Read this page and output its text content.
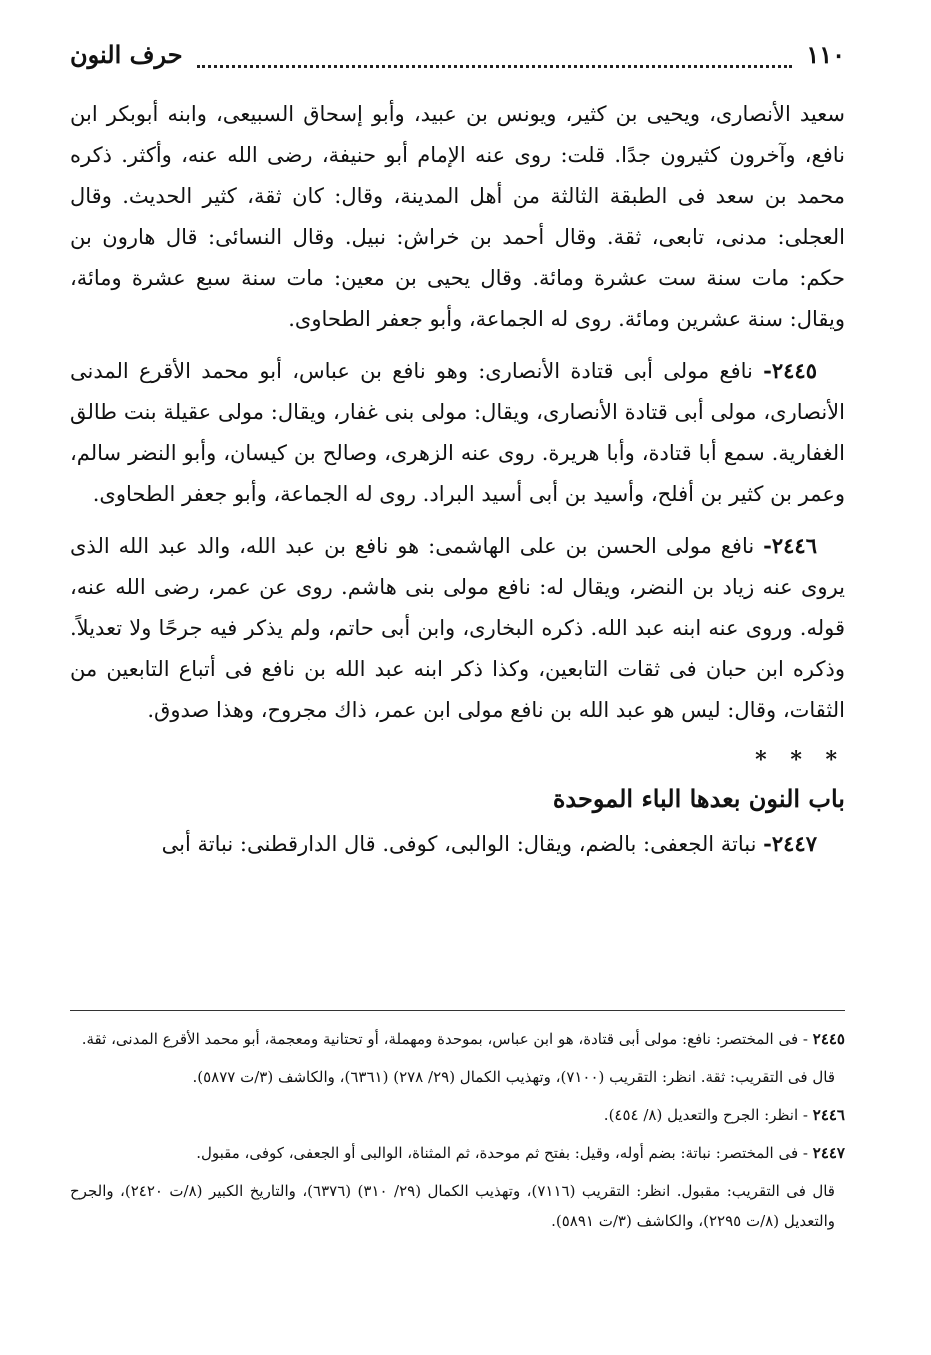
١١٠
حرف النون

سعيد الأنصارى، ويحيى بن كثير، ويونس بن عبيد، وأبو إسحاق السبيعى، وابنه أبوبكر ابن نافع، وآخرون كثيرون جدًا. قلت: روى عنه الإمام أبو حنيفة، رضى الله عنه، وأكثر. ذكره محمد بن سعد فى الطبقة الثالثة من أهل المدينة، وقال: كان ثقة، كثير الحديث. وقال العجلى: مدنى، تابعى، ثقة. وقال أحمد بن خراش: نبيل. وقال النسائى: قال هارون بن حكم: مات سنة ست عشرة ومائة. وقال يحيى بن معين: مات سنة سبع عشرة ومائة، ويقال: سنة عشرين ومائة. روى له الجماعة، وأبو جعفر الطحاوى.

٢٤٤٥- نافع مولى أبى قتادة الأنصارى: وهو نافع بن عباس، أبو محمد الأقرع المدنى الأنصارى، مولى أبى قتادة الأنصارى، ويقال: مولى بنى غفار، ويقال: مولى عقيلة بنت طالق الغفارية. سمع أبا قتادة، وأبا هريرة. روى عنه الزهرى، وصالح بن كيسان، وأبو النضر سالم، وعمر بن كثير بن أفلح، وأسيد بن أبى أسيد البراد. روى له الجماعة، وأبو جعفر الطحاوى.

٢٤٤٦- نافع مولى الحسن بن على الهاشمى: هو نافع بن عبد الله، والد عبد الله الذى يروى عنه زياد بن النضر، ويقال له: نافع مولى بنى هاشم. روى عن عمر، رضى الله عنه، قوله. وروى عنه ابنه عبد الله. ذكره البخارى، وابن أبى حاتم، ولم يذكر فيه جرحًا ولا تعديلاً. وذكره ابن حبان فى ثقات التابعين، وكذا ذكر ابنه عبد الله بن نافع فى أتباع التابعين من الثقات، وقال: ليس هو عبد الله بن نافع مولى ابن عمر، ذاك مجروح، وهذا صدوق.

* * *
باب النون بعدها الباء الموحدة
٢٤٤٧- نباتة الجعفى: بالضم، ويقال: الوالبى، كوفى. قال الدارقطنى: نباتة أبى

٢٤٤٥ - فى المختصر: نافع: مولى أبى قتادة، هو ابن عباس، بموحدة ومهملة، أو تحتانية ومعجمة، أبو محمد الأقرع المدنى، ثقة.

قال فى التقريب: ثقة. انظر: التقريب (٧١٠٠)، وتهذيب الكمال (٢٩/ ٢٧٨) (٦٣٦١)، والكاشف (٣/ت ٥٨٧٧).

٢٤٤٦ - انظر: الجرح والتعديل (٨/ ٤٥٤).

٢٤٤٧ - فى المختصر: نباتة: بضم أوله، وقيل: بفتح ثم موحدة، ثم المثناة، الوالبى أو الجعفى، كوفى، مقبول.

قال فى التقريب: مقبول. انظر: التقريب (٧١١٦)، وتهذيب الكمال (٢٩/ ٣١٠) (٦٣٧٦)، والتاريخ الكبير (٨/ت ٢٤٢٠)، والجرح والتعديل (٨/ت ٢٢٩٥)، والكاشف (٣/ت ٥٨٩١).
